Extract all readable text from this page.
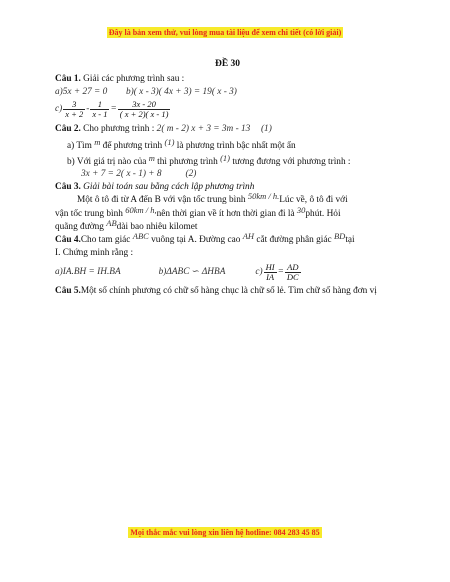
Đây là bản xem thử, vui lòng mua tài liệu để xem chi tiết (có lời giải)
ĐỀ 30
Câu 1. Giải các phương trình sau :
a)5x + 27 = 0 b)( x - 3)( 4x + 3) = 19( x - 3)
$c) \frac{3}{x + 2} - \frac{1}{x - 1} = \frac{3x - 20}{( x + 2)( x - 1)}$
Câu 2. Cho phương trình : 2( m - 2) x + 3 = 3m - 13 (1)
a) Tìm m để phương trình (1) là phương trình bậc nhất một ẩn
b) Với giá trị nào của m thì phương trình (1) tương đương với phương trình :
3x + 7 = 2( x - 1) + 8	(2)
Câu 3. Giải bài toán sau bằng cách lập phương trình
Một ô tô đi từ A đến B với vận tốc trung bình 50km / h.Lúc về, ô tô đi với
vận tốc trung bình 60km / h,nên thời gian về ít hơn thời gian đi là 30phút. Hỏi
quãng đường ABdài bao nhiêu kilomet
Câu 4.Cho tam giác ABC vuông tại A. Đường cao AH cắt đường phân giác BDtại
I. Chứng minh rằng :
a)IA.BH = IH.BA	b)ΔABC ∽ ΔHBA	$c) \frac{HI}{IA} = \frac{AD}{DC}$
Câu 5.Một số chính phương có chữ số hàng chục là chữ số lẻ. Tìm chữ số hàng đơn vị
Mọi thắc mắc vui lòng xin liên hệ hotline: 084 283 45 85
